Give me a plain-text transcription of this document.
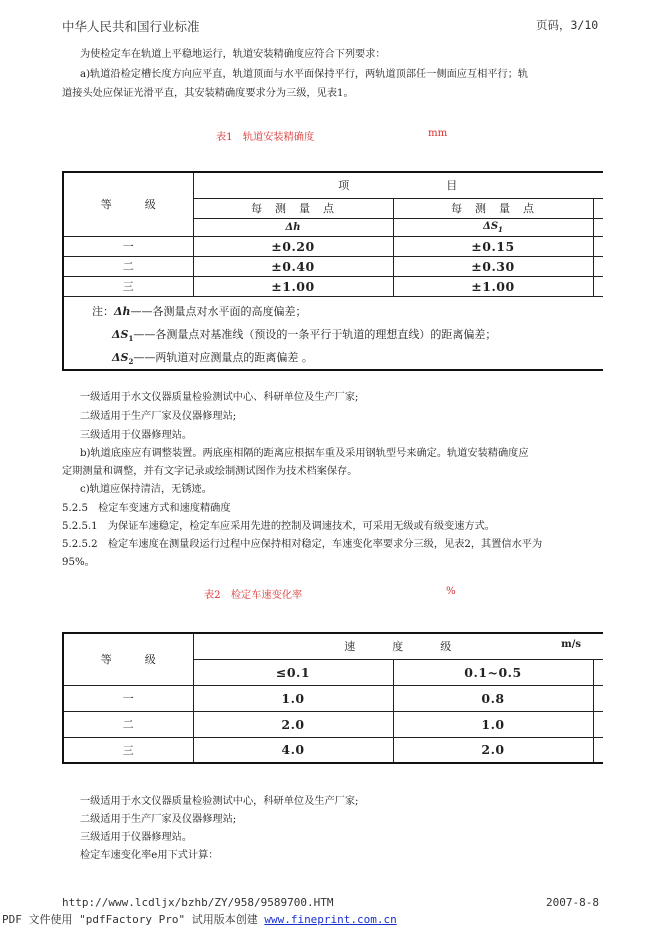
中华人民共和国行业标准	页码，3/10
为使检定车在轨道上平稳地运行，轨道安装精确度应符合下列要求：
a)轨道沿检定槽长度方向应平直，轨道顶面与水平面保持平行，两轨道顶部任一侧面应互相平行；轨
道接头处应保证光滑平直，其安装精确度要求分为三级，见表1。
表1　轨道安装精确度	mm
等　　　级	项　　　　　　　　目		
	每　测　量　点	每　测　量　点	
	Δh	$\Delta S_1$	
一	±0.20	±0.15	
二	±0.40	±0.30	
三	±1.00	±1.00	

注：Δh——各测量点对水平面的高度偏差；
$\Delta S_1——$各测量点对基准线（预设的一条平行于轨道的理想直线）的距离偏差；
$\Delta S_2——$两轨道对应测量点的距离偏差 。			
一级适用于水文仪器质量检验测试中心、科研单位及生产厂家;
二级适用于生产厂家及仪器修理站;
三级适用于仪器修理站。
b)轨道底座应有调整装置。两底座相隔的距离应根据车重及采用钢轨型号来确定。轨道安装精确度应
定期测量和调整，并有文字记录或绘制测试图作为技术档案保存。
c)轨道应保持清洁，无锈迹。
5.2.5　检定车变速方式和速度精确度
5.2.5.1　为保证车速稳定，检定车应采用先进的控制及调速技术，可采用无级或有级变速方式。
5.2.5.2　检定车速度在测量段运行过程中应保持相对稳定，车速变化率要求分三级，见表2，其置信水平为
95%。
表2　检定车速变化率	%
等　　　级	速　　　度　　　级 m/s		

	≤0.1	0.1~0.5	
一	1.0	0.8	
二	2.0	1.0	
三	4.0	2.0	
一级适用于水文仪器质量检验测试中心，科研单位及生产厂家;
二级适用于生产厂家及仪器修理站;
三级适用于仪器修理站。
检定车速变化率e用下式计算：
http://www.lcdljx/bzhb/ZY/958/9589700.HTM	2007-8-8
PDF 文件使用 "pdfFactory Pro" 试用版本创建 www.fineprint.com.cn
